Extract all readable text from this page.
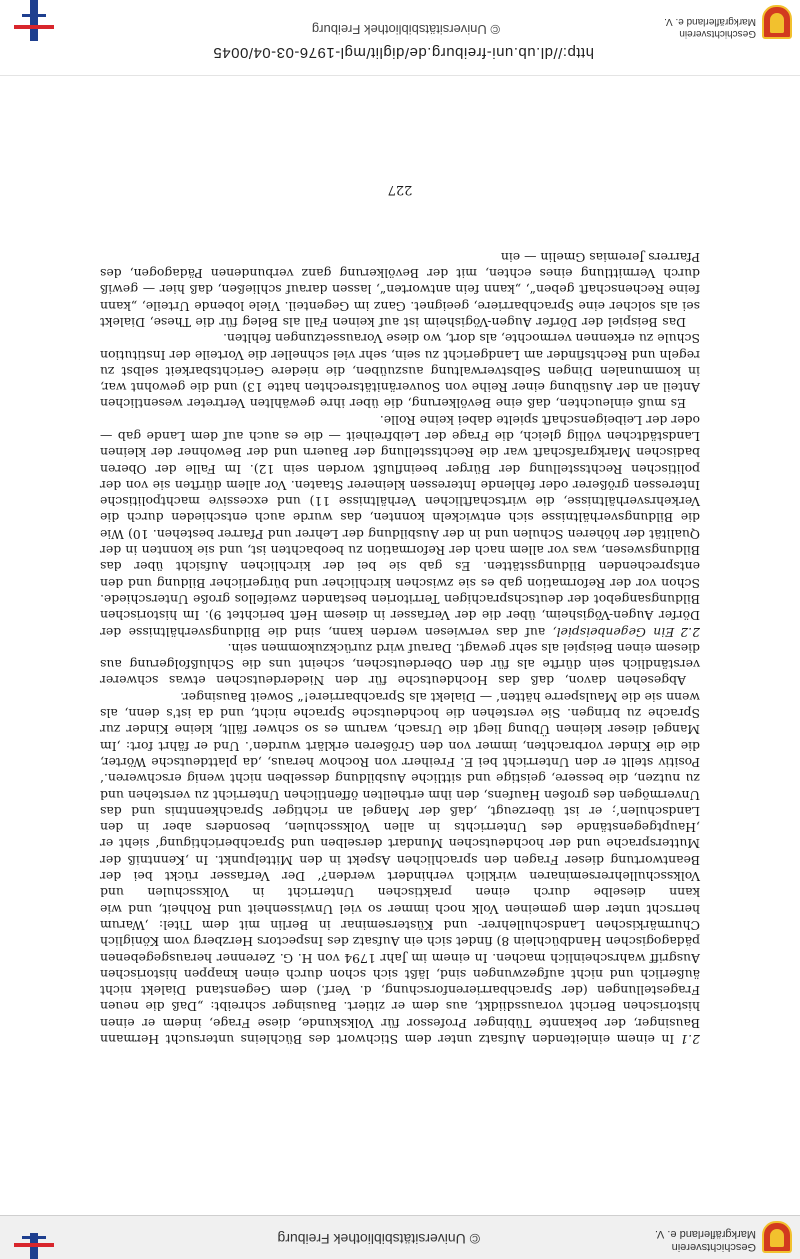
Geschichtsverein
Markgräflerland e. V.
© Universitätsbibliothek Freiburg

2.1In einem einleitenden Aufsatz unter dem Stichwort des Büchleins untersucht Hermann Bausinger, der bekannte Tübinger Professor für Volkskunde, diese Frage, indem er einen historischen Bericht voraussdiidkt, aus dem er zitiert. Bausinger schreibt: „Daß die neuen Fragestellungen (der Sprachbarrierenforschung, d. Verf.) dem Gegenstand Dialekt nicht äußerlich und nicht aufgezwungen sind, läßt sich schon durch einen knappen historischen Ausgriff wahrscheinlich machen. In einem im Jahr 1794 von H. G. Zerenner herausgegebenen pädagogischen Handbüchlein 8) findet sich ein Aufsatz des Inspectors Herzberg vom Königlich Churmärkischen Landschullehrer- und Küsterseminar in Berlin mit dem Titel: ‚Warum herrscht unter dem gemeinen Volk noch immer so viel Unwissenheit und Rohheit, und wie kann dieselbe durch einen praktischen Unterricht in Volksschulen und Volksschullehrerseminaren wirklich verhindert werden?‘ Der Verfasser rückt bei der Beantwortung dieser Fragen den sprachlichen Aspekt in den Mittelpunkt. In ‚Kenntniß der Muttersprache und der hochdeutschen Mundart derselben und Sprachberichtigung‘ sieht er ‚Hauptgegenstände des Unterrichts in allen Volksschulen, besonders aber in den Landschulen‘; er ist überzeugt, ‚daß der Mangel an richtiger Sprachkenntnis und das Unvermögen des großen Haufens, den ihm ertheilten öffentlichen Unterricht zu verstehen und zu nutzen, die bessere, geistige und sittliche Ausbildung desselben nicht wenig erschweren.‘ Positiv stellt er den Unterricht bei E. Freiherr von Rochow heraus, ‚da plattdeutsche Wörter, die die Kinder vorbrachten, immer von den Größeren erklärt wurden‘. Und er fährt fort: ‚Im Mangel dieser kleinen Übung liegt die Ursach, warum es so schwer fällt, kleine Kinder zur Sprache zu bringen. Sie verstehen die hochdeutsche Sprache nicht, und da ist's denn, als wenn sie die Maulsperre hätten‘ — Dialekt als Sprachbarriere!“ Soweit Bausinger.

Abgesehen davon, daß das Hochdeutsche für den Niederdeutschen etwas schwerer verständlich sein dürfte als für den Oberdeutschen, scheint uns die Schlußfolgerung aus diesem einen Beispiel als sehr gewagt. Darauf wird zurückzukommen sein.

2.2Ein Gegenbeispiel, auf das verwiesen werden kann, sind die Bildungsverhältnisse der Dörfer Augen-Vögisheim, über die der Verfasser in diesem Heft berichtet 9). Im historischen Bildungsangebot der deutschsprachigen Territorien bestanden zweifellos große Unterschiede. Schon vor der Reformation gab es sie zwischen kirchlicher und bürgerlicher Bildung und den entsprechenden Bildungsstätten. Es gab sie bei der kirchlichen Aufsicht über das Bildungswesen, was vor allem nach der Reformation zu beobachten ist, und sie konnten in der Qualität der höheren Schulen und in der Ausbildung der Lehrer und Pfarrer bestehen. 10) Wie die Bildungsverhältnisse sich entwickeln konnten, das wurde auch entschieden durch die Verkehrsverhältnisse, die wirtschaftlichen Verhältnisse 11) und excessive machtpolitische Interessen größerer oder fehlende Interessen kleinerer Staaten. Vor allem dürften sie von der politischen Rechtsstellung der Bürger beeinflußt worden sein 12). Im Falle der Oberen badischen Markgrafschaft war die Rechtsstellung der Bauern und der Bewohner der kleinen Landstädtchen völlig gleich, die Frage der Leibfreiheit — die es auch auf dem Lande gab — oder der Leibeigenschaft spielte dabei keine Rolle.

Es muß einleuchten, daß eine Bevölkerung, die über ihre gewählten Vertreter wesentlichen Anteil an der Ausübung einer Reihe von Souveränitätsrechten hatte 13) und die gewohnt war, in kommunalen Dingen Selbstverwaltung auszuüben, die niedere Gerichtsbarkeit selbst zu regeln und Rechtsfinder am Landgericht zu sein, sehr viel schneller die Vorteile der Institution Schule zu erkennen vermochte, als dort, wo diese Voraussetzungen fehlten.

Das Beispiel der Dörfer Augen-Vögisheim ist auf keinen Fall als Beleg für die These, Dialekt sei als solcher eine Sprachbarriere, geeignet. Ganz im Gegenteil. Viele lobende Urteile, „kann feine Rechenschaft geben“, „kann fein antworten“, lassen darauf schließen, daß hier — gewiß durch Vermittlung eines echten, mit der Bevölkerung ganz verbundenen Pädagogen, des Pfarrers Jeremias Gmelin — ein

227
http://dl.ub.uni-freiburg.de/diglit/mgl-1976-03-04/0045
© Universitätsbibliothek Freiburg	Geschichtsverein
Markgräflerland e. V.
